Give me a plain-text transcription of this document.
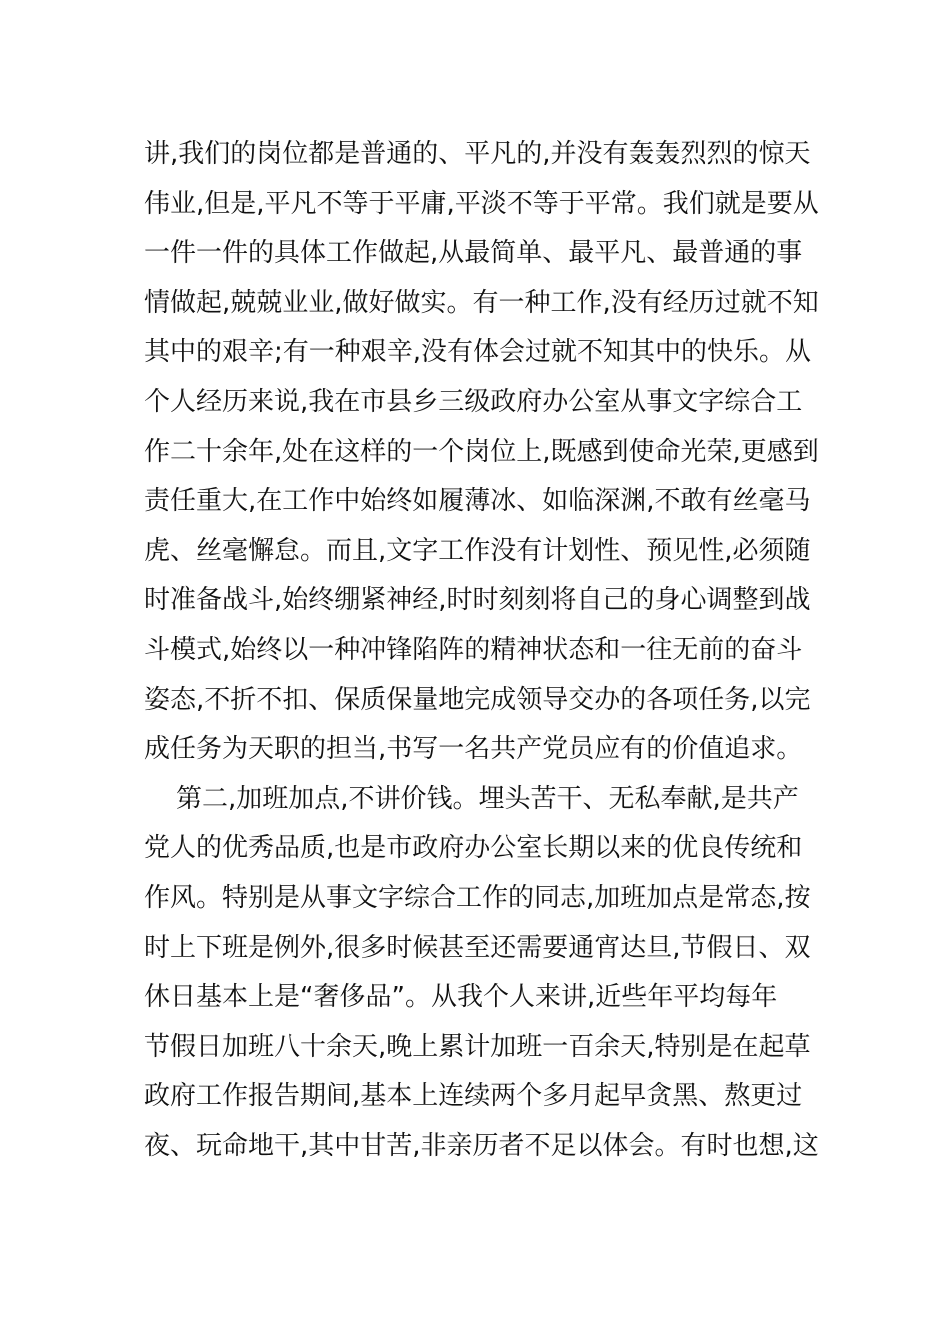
讲,我们的岗位都是普通的、平凡的,并没有轰轰烈烈的惊天
伟业,但是,平凡不等于平庸,平淡不等于平常。我们就是要从
一件一件的具体工作做起,从最简单、最平凡、最普通的事
情做起,兢兢业业,做好做实。有一种工作,没有经历过就不知
其中的艰辛;有一种艰辛,没有体会过就不知其中的快乐。从
个人经历来说,我在市县乡三级政府办公室从事文字综合工
作二十余年,处在这样的一个岗位上,既感到使命光荣,更感到
责任重大,在工作中始终如履薄冰、如临深渊,不敢有丝毫马
虎、丝毫懈怠。而且,文字工作没有计划性、预见性,必须随
时准备战斗,始终绷紧神经,时时刻刻将自己的身心调整到战
斗模式,始终以一种冲锋陷阵的精神状态和一往无前的奋斗
姿态,不折不扣、保质保量地完成领导交办的各项任务,以完
成任务为天职的担当,书写一名共产党员应有的价值追求。
第二,加班加点,不讲价钱。埋头苦干、无私奉献,是共产
党人的优秀品质,也是市政府办公室长期以来的优良传统和
作风。特别是从事文字综合工作的同志,加班加点是常态,按
时上下班是例外,很多时候甚至还需要通宵达旦,节假日、双
休日基本上是“奢侈品”。从我个人来讲,近些年平均每年
节假日加班八十余天,晚上累计加班一百余天,特别是在起草
政府工作报告期间,基本上连续两个多月起早贪黑、熬更过
夜、玩命地干,其中甘苦,非亲历者不足以体会。有时也想,这
